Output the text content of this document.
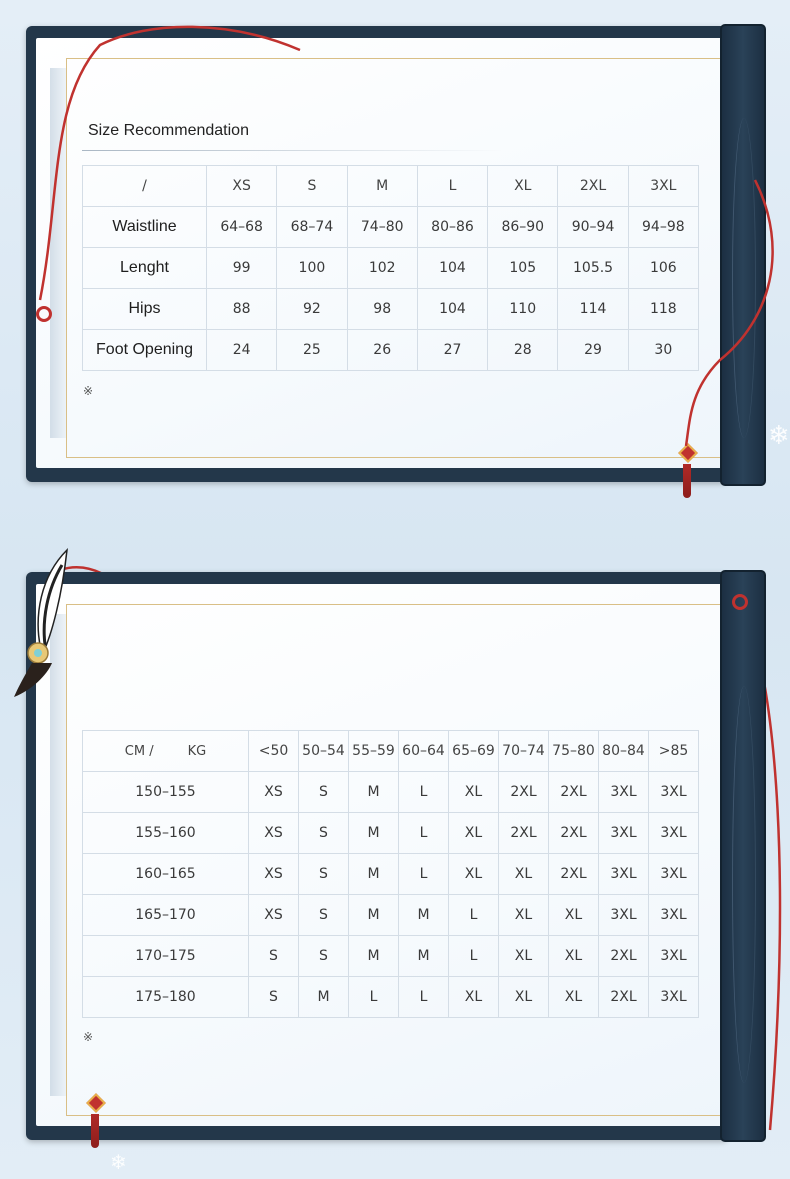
Size Recommendation
/	XS	S	M	L	XL	2XL	3XL
Waistline	64–68	68–74	74–80	80–86	86–90	90–94	94–98
Lenght	99	100	102	104	105	105.5	106
Hips	88	92	98	104	110	114	118
Foot Opening	24	25	26	27	28	29	30
※
CM / KG	<50	50–54	55–59	60–64	65–69	70–74	75–80	80–84	>85
150–155	XS	S	M	L	XL	2XL	2XL	3XL	3XL
155–160	XS	S	M	L	XL	2XL	2XL	3XL	3XL
160–165	XS	S	M	L	XL	XL	2XL	3XL	3XL
165–170	XS	S	M	M	L	XL	XL	3XL	3XL
170–175	S	S	M	M	L	XL	XL	2XL	3XL
175–180	S	M	L	L	XL	XL	XL	2XL	3XL
※
❄
❄
